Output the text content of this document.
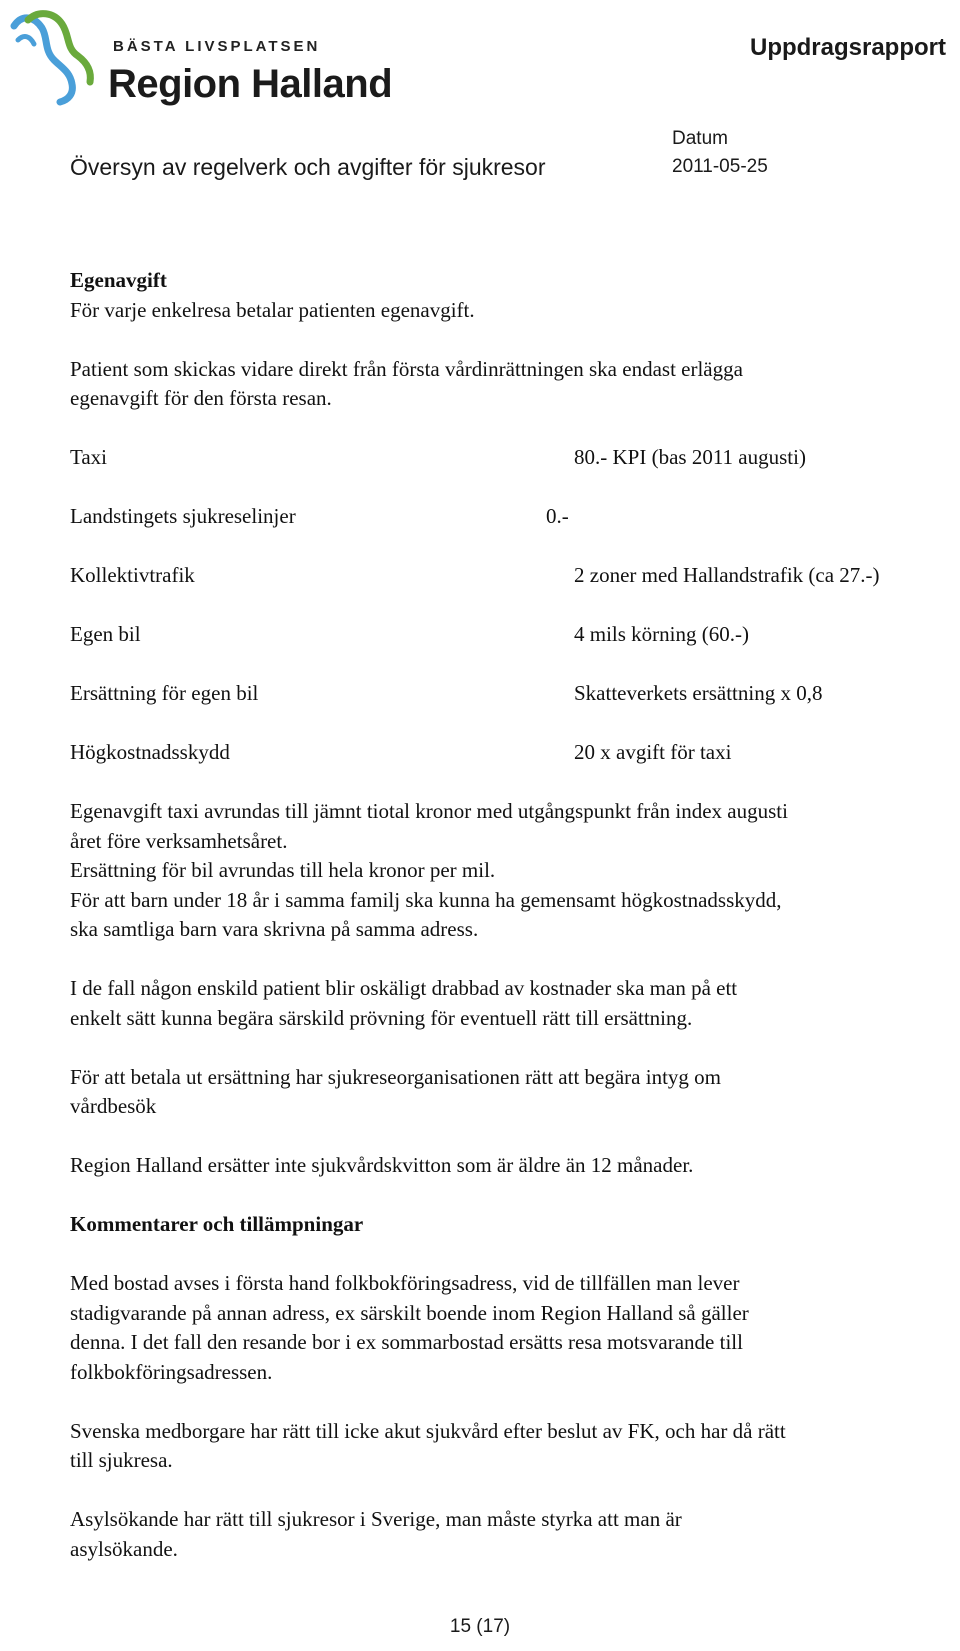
BÄSTA LIVSPLATSEN
Region Halland
Uppdragsrapport
Översyn av regelverk och avgifter för sjukresor
Datum
2011-05-25

Egenavgift

För varje enkelresa betalar patienten egenavgift.

Patient som skickas vidare direkt från första vårdinrättningen ska endast erlägga

egenavgift för den första resan.

Taxi	80.- KPI (bas 2011 augusti)
Landstingets sjukreselinjer	0.-
Kollektivtrafik	2 zoner med Hallandstrafik (ca 27.-)
Egen bil	4 mils körning (60.-)
Ersättning för egen bil	Skatteverkets ersättning x 0,8
Högkostnadsskydd	20 x avgift för taxi

Egenavgift taxi avrundas till jämnt tiotal kronor med utgångspunkt från index augusti

året före verksamhetsåret.

Ersättning för bil avrundas till hela kronor per mil.

För att barn under 18 år i samma familj ska kunna ha gemensamt högkostnadsskydd,

ska samtliga barn vara skrivna på samma adress.

I de fall någon enskild patient blir oskäligt drabbad av kostnader ska man på ett

enkelt sätt kunna begära särskild prövning för eventuell rätt till ersättning.

För att betala ut ersättning har sjukreseorganisationen rätt att begära intyg om

vårdbesök

Region Halland ersätter inte sjukvårdskvitton som är äldre än 12 månader.

Kommentarer och tillämpningar

Med bostad avses i första hand folkbokföringsadress, vid de tillfällen man lever

stadigvarande på annan adress, ex särskilt boende inom Region Halland så gäller

denna. I det fall den resande bor i ex sommarbostad ersätts resa motsvarande till

folkbokföringsadressen.

Svenska medborgare har rätt till icke akut sjukvård efter beslut av FK, och har då rätt

till sjukresa.

Asylsökande har rätt till sjukresor i Sverige, man måste styrka att man är

asylsökande.

15 (17)
